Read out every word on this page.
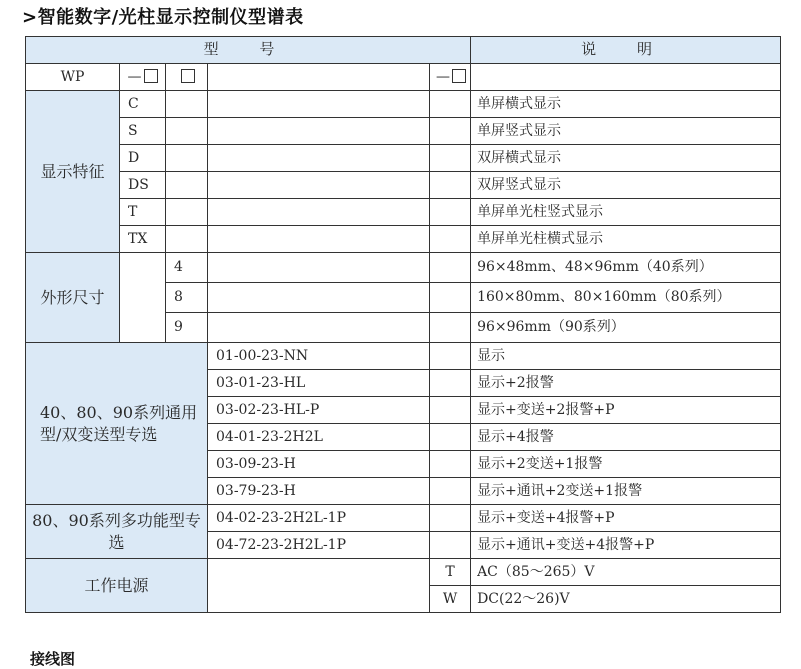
>智能数字/光柱显示控制仪型谱表
型 号					说 明
WP	—			—	
显示特征	C				单屏横式显示
	S				单屏竖式显示
	D				双屏横式显示
	DS				双屏竖式显示
	T				单屏单光柱竖式显示
	TX				单屏单光柱横式显示
外形尺寸		4			96×48mm、48×96mm（40系列）
		8			160×80mm、80×160mm（80系列）
		9			96×96mm（90系列）
40、80、90系列通用型/双变送型专选			01-00-23-NN		显示
			03-01-23-HL		显示+2报警
			03-02-23-HL-P		显示+变送+2报警+P
			04-01-23-2H2L		显示+4报警
			03-09-23-H		显示+2变送+1报警
			03-79-23-H		显示+通讯+2变送+1报警
80、90系列多功能型专选			04-02-23-2H2L-1P		显示+变送+4报警+P
			04-72-23-2H2L-1P		显示+通讯+变送+4报警+P
工作电源				T	AC（85～265）V
				W	DC(22～26)V
接线图
